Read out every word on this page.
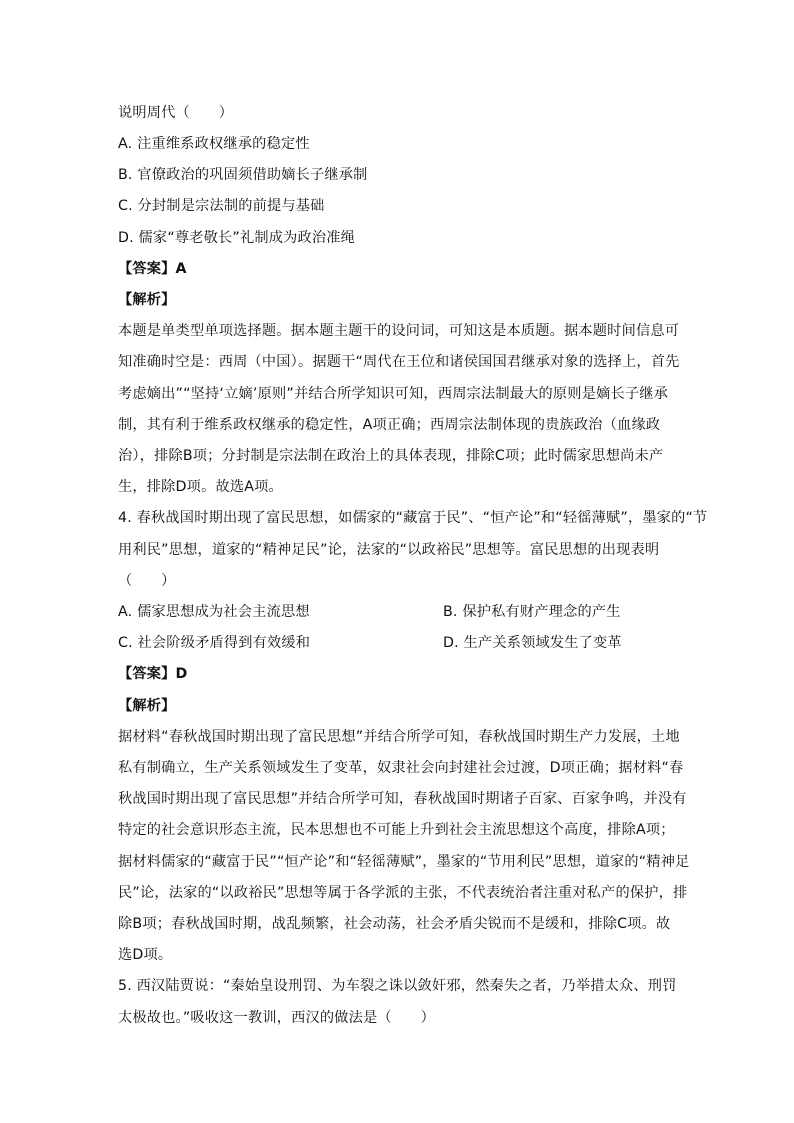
说明周代（　　）
A. 注重维系政权继承的稳定性
B. 官僚政治的巩固须借助嫡长子继承制
C. 分封制是宗法制的前提与基础
D. 儒家“尊老敬长”礼制成为政治准绳
【答案】A
【解析】
本题是单类型单项选择题。据本题主题干的设问词，可知这是本质题。据本题时间信息可
知准确时空是：西周（中国）。据题干“周代在王位和诸侯国国君继承对象的选择上，首先
考虑嫡出”“坚持‘立嫡’原则”并结合所学知识可知，西周宗法制最大的原则是嫡长子继承
制，其有利于维系政权继承的稳定性，A项正确；西周宗法制体现的贵族政治（血缘政
治），排除B项；分封制是宗法制在政治上的具体表现，排除C项；此时儒家思想尚未产
生，排除D项。故选A项。
4. 春秋战国时期出现了富民思想，如儒家的“藏富于民”、“恒产论”和“轻徭薄赋”，墨家的“节
用利民”思想，道家的“精神足民”论，法家的“以政裕民”思想等。富民思想的出现表明
（　　）
A. 儒家思想成为社会主流思想	B. 保护私有财产理念的产生
C. 社会阶级矛盾得到有效缓和	D. 生产关系领域发生了变革
【答案】D
【解析】
据材料“春秋战国时期出现了富民思想”并结合所学可知，春秋战国时期生产力发展，土地
私有制确立，生产关系领域发生了变革，奴隶社会向封建社会过渡，D项正确；据材料“春
秋战国时期出现了富民思想”并结合所学可知，春秋战国时期诸子百家、百家争鸣，并没有
特定的社会意识形态主流，民本思想也不可能上升到社会主流思想这个高度，排除A项；
据材料儒家的“藏富于民”“恒产论”和“轻徭薄赋”，墨家的“节用利民”思想，道家的“精神足
民”论，法家的“以政裕民”思想等属于各学派的主张，不代表统治者注重对私产的保护，排
除B项；春秋战国时期，战乱频繁，社会动荡，社会矛盾尖锐而不是缓和，排除C项。故
选D项。
5. 西汉陆贾说：“秦始皇设刑罚、为车裂之诛以敛奸邪，然秦失之者，乃举措太众、刑罚
太极故也。”吸收这一教训，西汉的做法是（　　）
